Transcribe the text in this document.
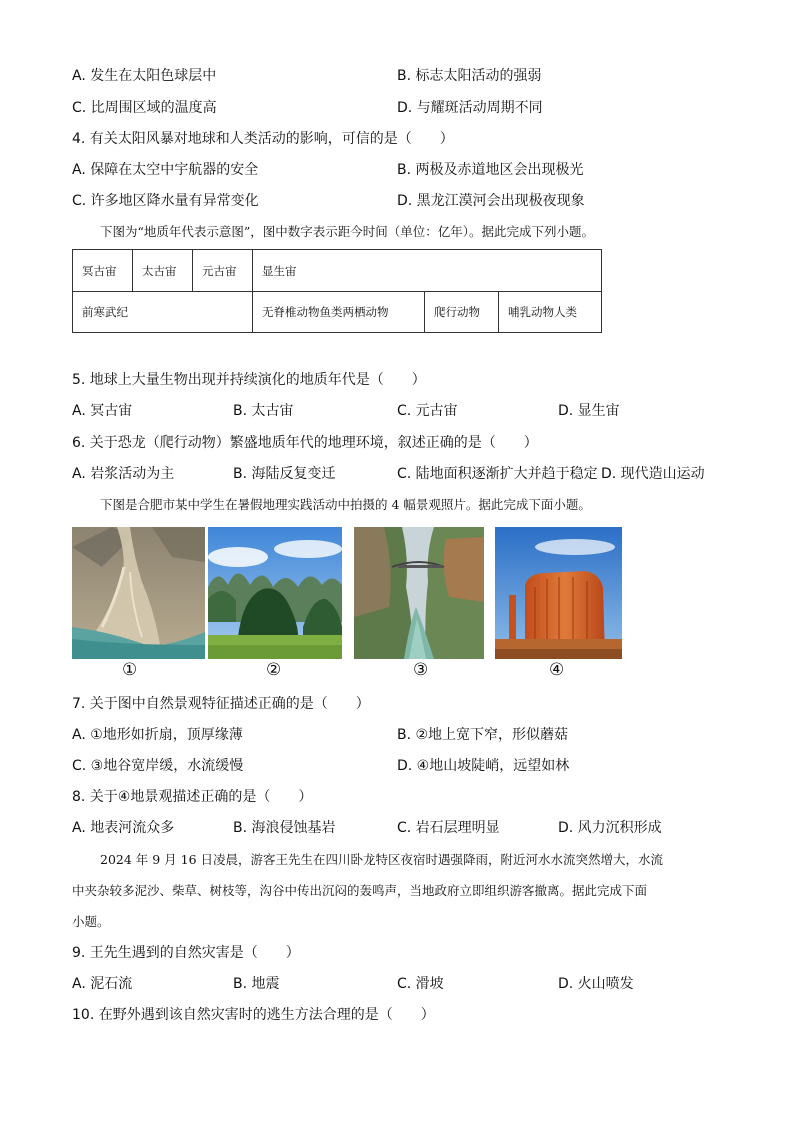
A. 发生在太阳色球层中	B. 标志太阳活动的强弱
C. 比周围区域的温度高	D. 与耀斑活动周期不同
4. 有关太阳风暴对地球和人类活动的影响，可信的是（　　）
A. 保障在太空中宇航器的安全	B. 两极及赤道地区会出现极光
C. 许多地区降水量有异常变化	D. 黑龙江漠河会出现极夜现象
下图为“地质年代表示意图”，图中数字表示距今时间（单位：亿年）。据此完成下列小题。
冥古宙	太古宙	元古宙	显生宙
前寒武纪	无脊椎动物鱼类两栖动物	爬行动物	哺乳动物人类
5. 地球上大量生物出现并持续演化的地质年代是（　　）
A. 冥古宙	B. 太古宙	C. 元古宙	D. 显生宙
6. 关于恐龙（爬行动物）繁盛地质年代的地理环境，叙述正确的是（　　）
A. 岩浆活动为主	B. 海陆反复变迁	C. 陆地面积逐渐扩大并趋于稳定 D. 现代造山运动
下图是合肥市某中学生在暑假地理实践活动中拍摄的 4 幅景观照片。据此完成下面小题。
①	②	③	④
7. 关于图中自然景观特征描述正确的是（　　）
A. ①地形如折扇，顶厚缘薄	B. ②地上宽下窄，形似蘑菇
C. ③地谷宽岸缓，水流缓慢	D. ④地山坡陡峭，远望如林
8. 关于④地景观描述正确的是（　　）
A. 地表河流众多	B. 海浪侵蚀基岩	C. 岩石层理明显	D. 风力沉积形成
2024 年 9 月 16 日凌晨，游客王先生在四川卧龙特区夜宿时遇强降雨，附近河水水流突然增大，水流
中夹杂较多泥沙、柴草、树枝等，沟谷中传出沉闷的轰鸣声，当地政府立即组织游客撤离。据此完成下面
小题。
9. 王先生遇到的自然灾害是（　　）
A. 泥石流	B. 地震	C. 滑坡	D. 火山喷发
10. 在野外遇到该自然灾害时的逃生方法合理的是（　　）
